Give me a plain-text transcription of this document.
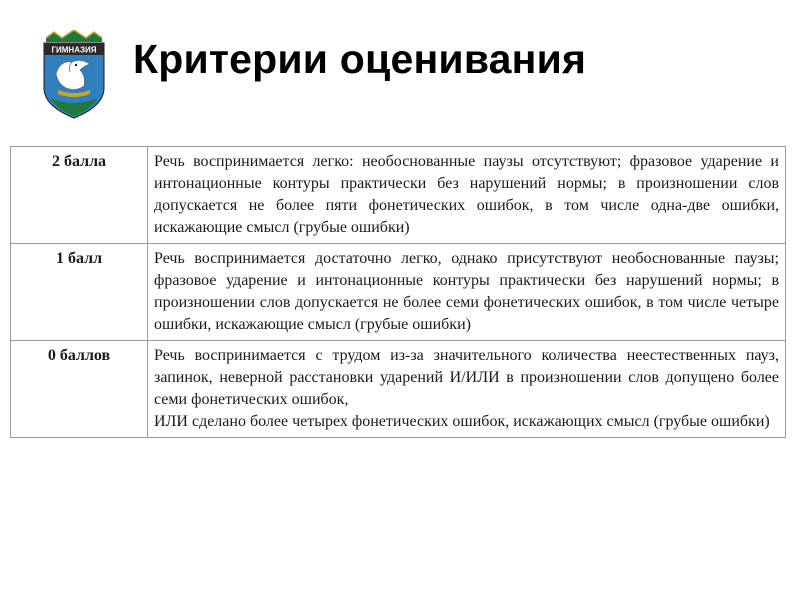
ГИМНАЗИЯ Критерии оценивания
2 балла	Речь воспринимается легко: необоснованные паузы отсутствуют; фразовое ударение и интонационные контуры практически без нарушений нормы; в произношении слов допускается не более пяти фонетических ошибок, в том числе одна-две ошибки, искажающие смысл (грубые ошибки)
1 балл	Речь воспринимается достаточно легко, однако присутствуют необоснованные паузы; фразовое ударение и интонационные контуры практически без нарушений нормы; в произношении слов допускается не более семи фонетических ошибок, в том числе четыре ошибки, искажающие смысл (грубые ошибки)
0 баллов	Речь воспринимается с трудом из-за значительного количества неестественных пауз, запинок, неверной расстановки ударений И/ИЛИ в произношении слов допущено более семи фонетических ошибок,
ИЛИ сделано более четырех фонетических ошибок, искажающих смысл (грубые ошибки)
